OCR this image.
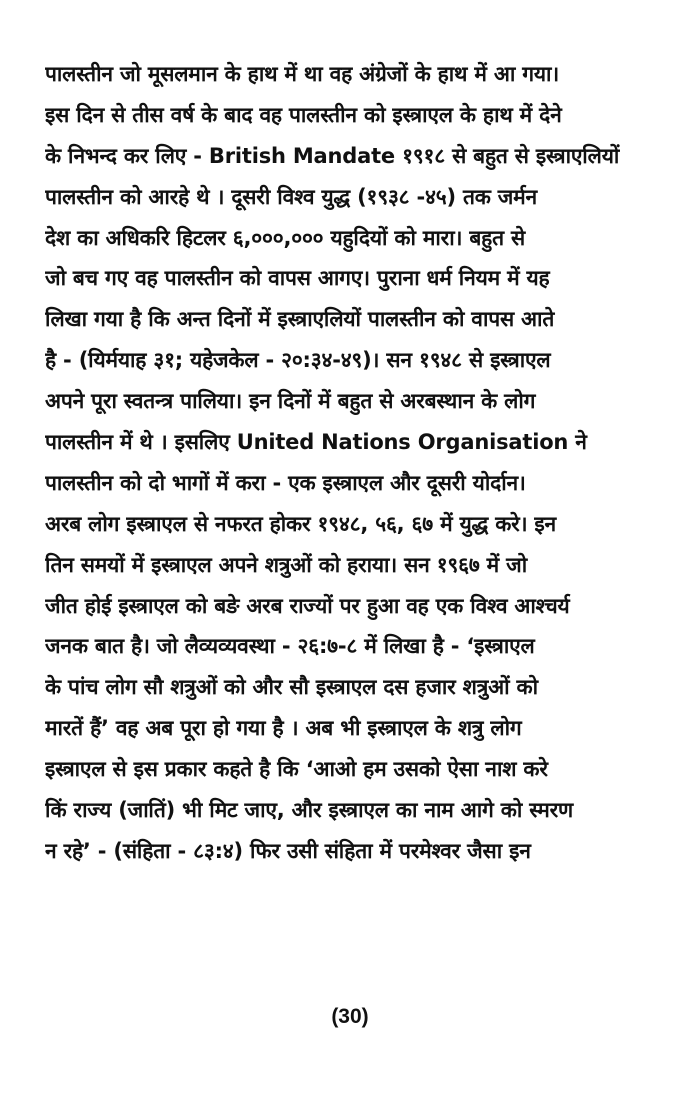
पालस्तीन जो मूसलमान के हाथ में था वह अंग्रेजों के हाथ में आ गया।
इस दिन से तीस वर्ष के बाद वह पालस्तीन को इस्त्राएल के हाथ में देने
के निभन्द कर लिए - British Mandate १९१८ से बहुत से इस्त्राएलियों
पालस्तीन को आरहे थे । दूसरी विश्व युद्ध (१९३८ -४५) तक जर्मन
देश का अधिकरि हिटलर ६,०००,००० यहुदियों को मारा। बहुत से
जो बच गए वह पालस्तीन को वापस आगए। पुराना धर्म नियम में यह
लिखा गया है कि अन्त दिनों में इस्त्राएलियों पालस्तीन को वापस आते
है - (यिर्मयाह ३१; यहेजकेल - २०:३४-४९)। सन १९४८ से इस्त्राएल
अपने पूरा स्वतन्त्र पालिया। इन दिनों में बहुत से अरबस्थान के लोग
पालस्तीन में थे । इसलिए United Nations Organisation ने
पालस्तीन को दो भागों में करा - एक इस्त्राएल और दूसरी योर्दान।
अरब लोग इस्त्राएल से नफरत होकर १९४८, ५६, ६७ में युद्ध करे। इन
तिन समयों में इस्त्राएल अपने शत्रुओं को हराया। सन १९६७ में जो
जीत होई इस्त्राएल को बङे अरब राज्यों पर हुआ वह एक विश्व आश्चर्य
जनक बात है। जो लैव्यव्यवस्था - २६:७-८ में लिखा है - ‘इस्त्राएल
के पांच लोग सौ शत्रुओं को और सौ इस्त्राएल दस हजार शत्रुओं को
मारतें हैं’ वह अब पूरा हो गया है । अब भी इस्त्राएल के शत्रु लोग
इस्त्राएल से इस प्रकार कहते है कि ‘आओ हम उसको ऐसा नाश करे
किं राज्य (जातिं) भी मिट जाए, और इस्त्राएल का नाम आगे को स्मरण
न रहे’ - (संहिता - ८३:४) फिर उसी संहिता में परमेश्वर जैसा इन
(30)
